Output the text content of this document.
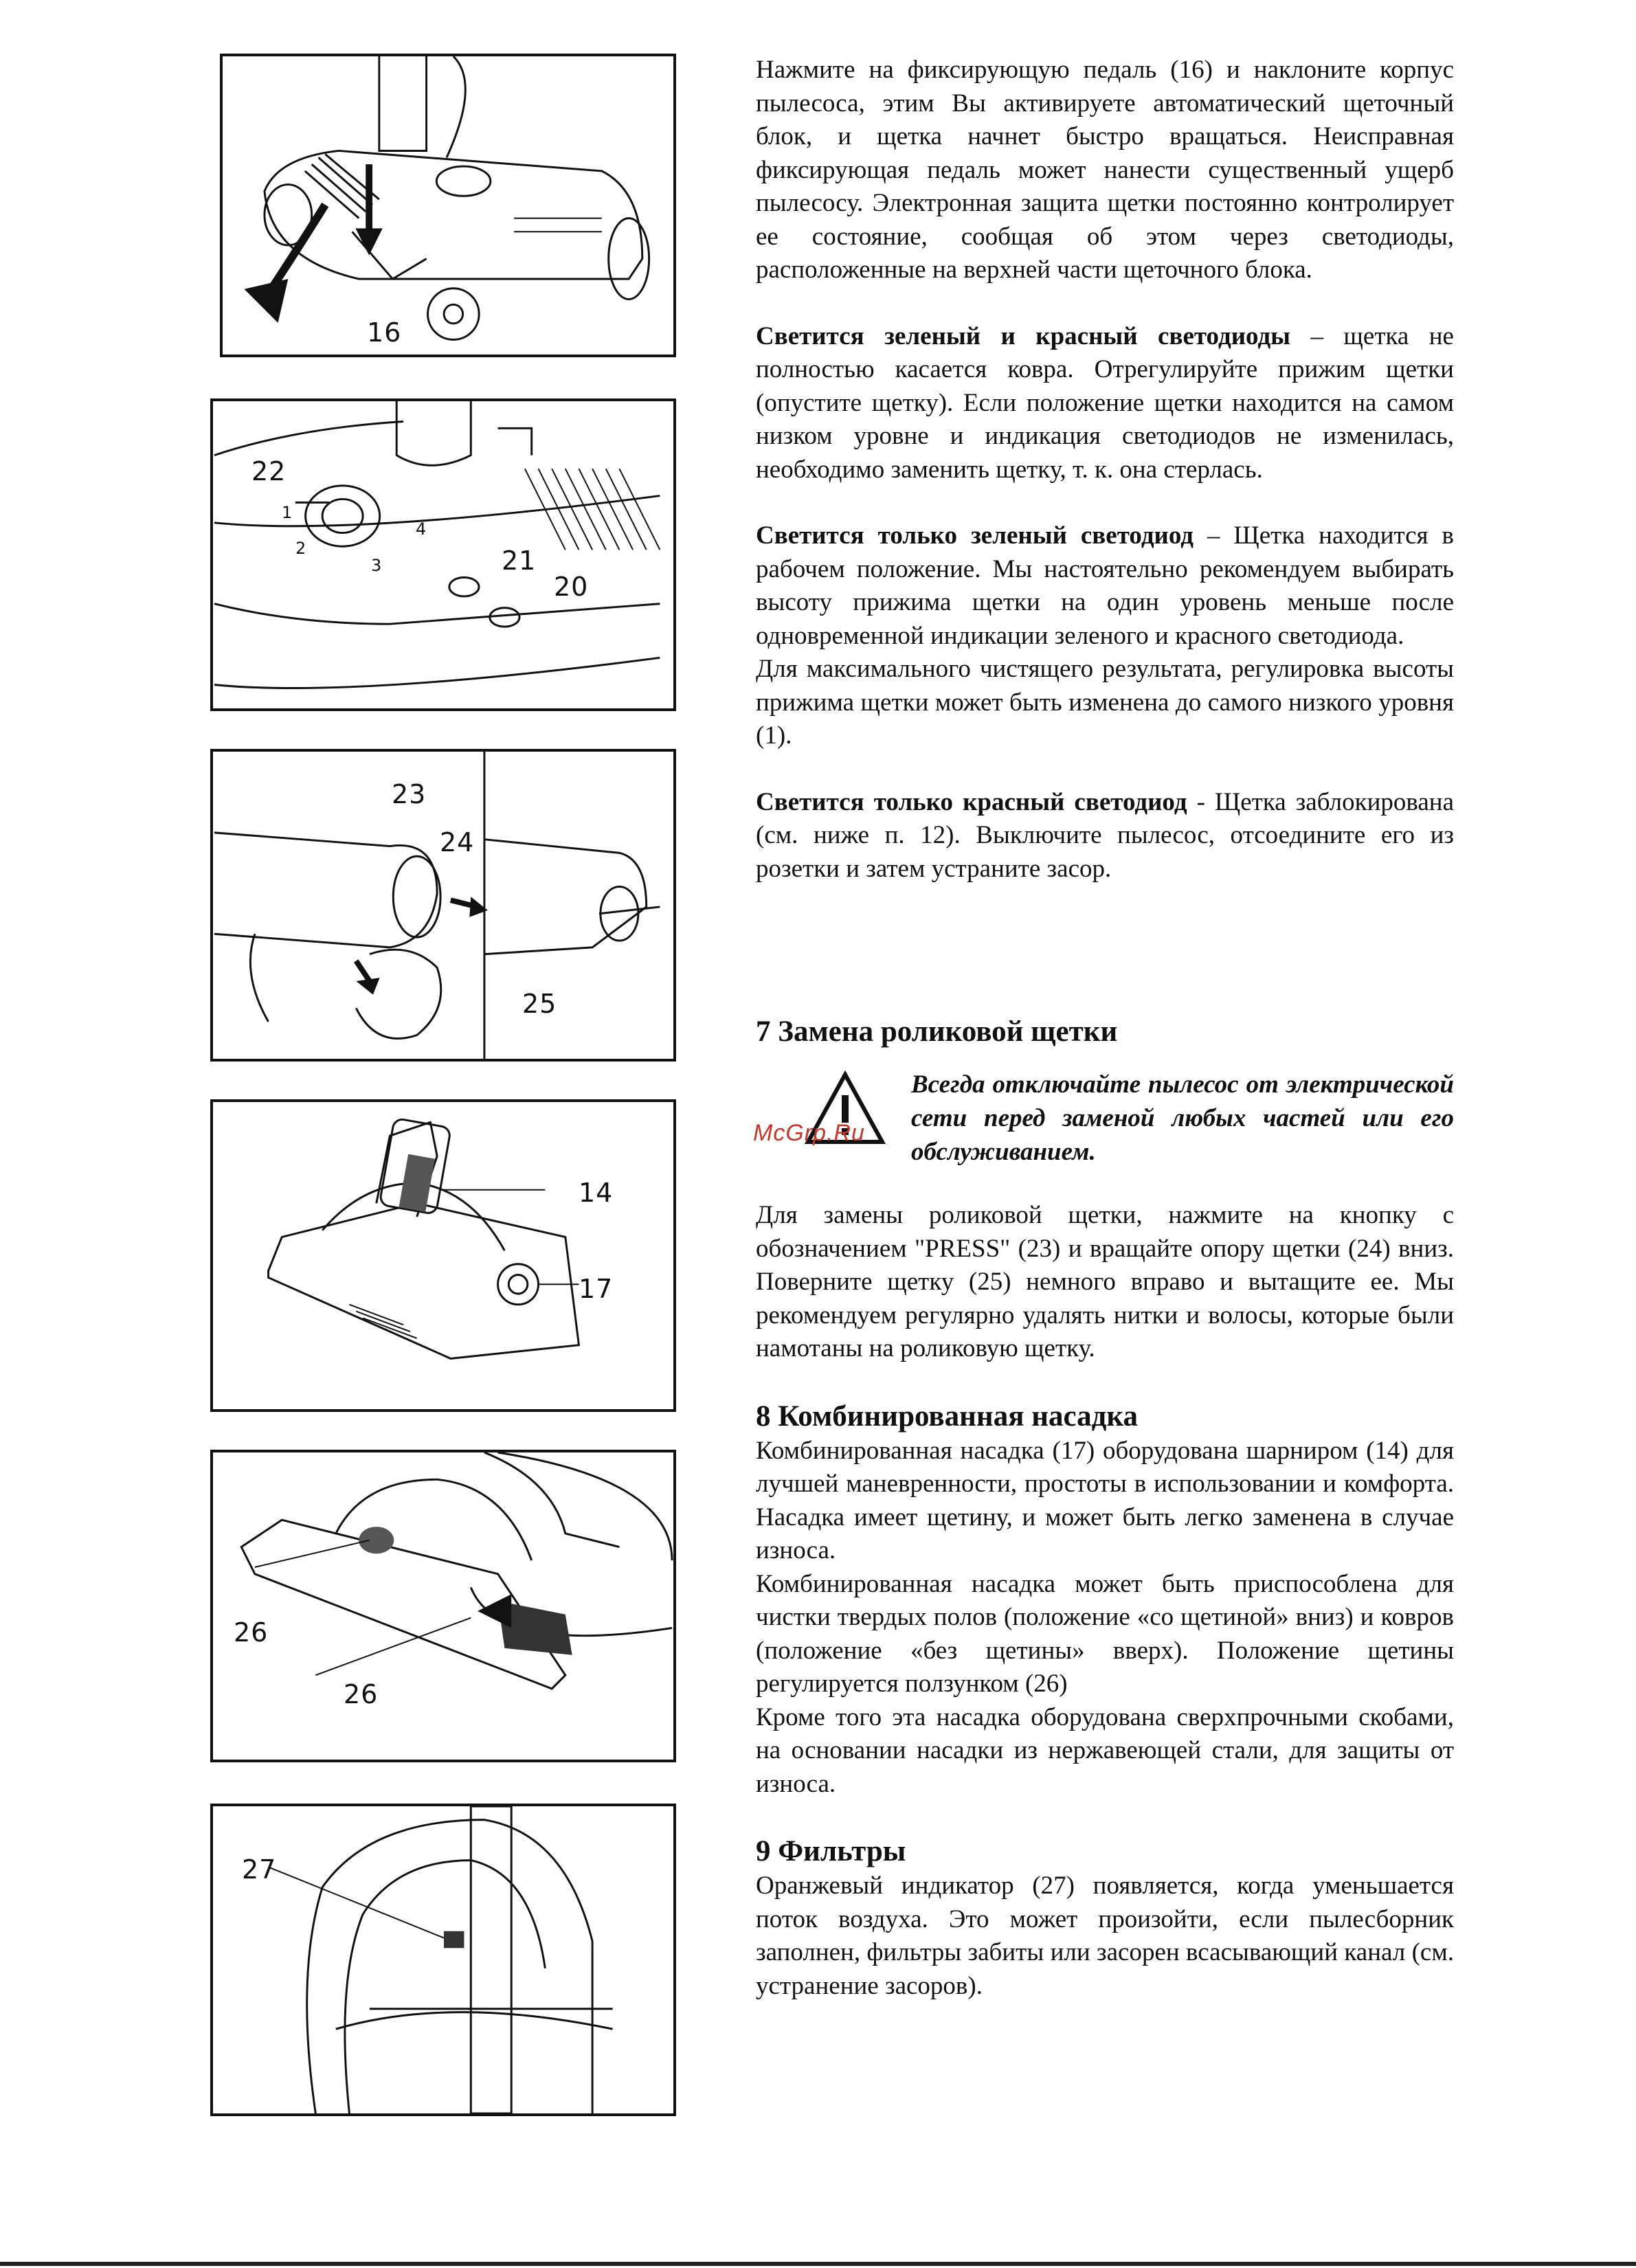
16
22
21
20
1
2
3
4
23
24
25
14
17
26
26
27

Нажмите на фиксирующую педаль (16) и наклоните корпус пылесоса, этим Вы активируете автоматический щеточный блок, и щетка начнет быстро вращаться. Неисправная фиксирующая педаль может нанести существенный ущерб пылесосу. Электронная защита щетки постоянно контролирует ее состояние, сообщая об этом через светодиоды, расположенные на верхней части щеточного блока.

Светится зеленый и красный светодиоды – щетка не полностью касается ковра. Отрегулируйте прижим щетки (опустите щетку). Если положение щетки находится на самом низком уровне и индикация светодиодов не изменилась, необходимо заменить щетку, т. к. она стерлась.

Светится только зеленый светодиод – Щетка находится в рабочем положение. Мы настоятельно рекомендуем выбирать высоту прижима щетки на один уровень меньше после одновременной индикации зеленого и красного светодиода.

Для максимального чистящего результата, регулировка высоты прижима щетки может быть изменена до самого низкого уровня (1).

Светится только красный светодиод - Щетка заблокирована (см. ниже п. 12). Выключите пылесос, отсоедините его из розетки и затем устраните засор.

7 Замена роликовой щетки
Всегда отключайте пылесос от электрической сети перед заменой любых частей или его обслуживанием.
McGrp.Ru

Для замены роликовой щетки, нажмите на кнопку с обозначением "PRESS" (23) и вращайте опору щетки (24) вниз. Поверните щетку (25) немного вправо и вытащите ее. Мы рекомендуем регулярно удалять нитки и волосы, которые были намотаны на роликовую щетку.

8 Комбинированная насадка

Комбинированная насадка (17) оборудована шарниром (14) для лучшей маневренности, простоты в использовании и комфорта. Насадка имеет щетину, и может быть легко заменена в случае износа.

Комбинированная насадка может быть приспособлена для чистки твердых полов (положение «со щетиной» вниз) и ковров (положение «без щетины» вверх). Положение щетины регулируется ползунком (26)

Кроме того эта насадка оборудована сверхпрочными скобами, на основании насадки из нержавеющей стали, для защиты от износа.

9 Фильтры

Оранжевый индикатор (27) появляется, когда уменьшается поток воздуха. Это может произойти, если пылесборник заполнен, фильтры забиты или засорен всасывающий канал (см. устранение засоров).
